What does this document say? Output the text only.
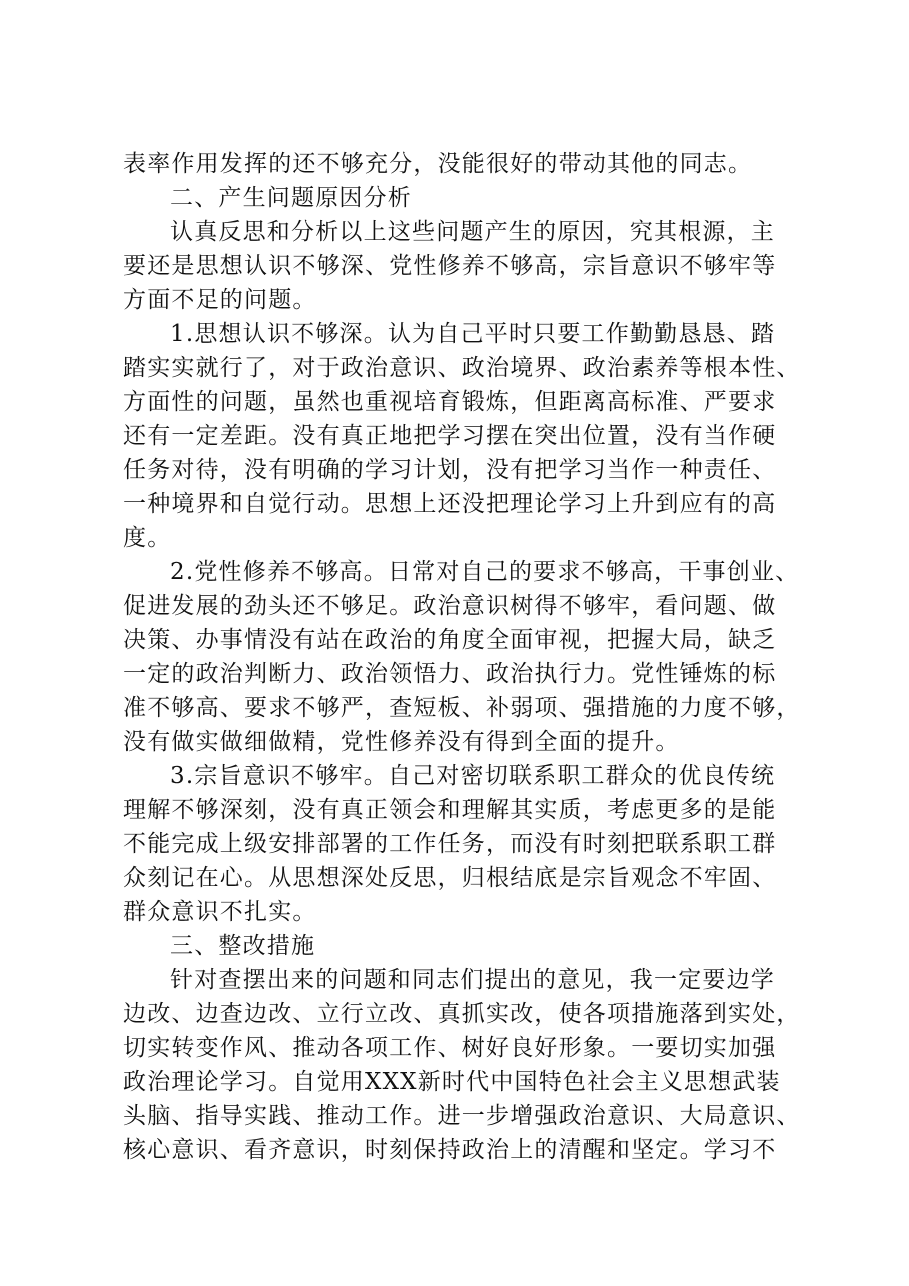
表率作用发挥的还不够充分，没能很好的带动其他的同志。
二、产生问题原因分析
认真反思和分析以上这些问题产生的原因，究其根源，主
要还是思想认识不够深、党性修养不够高，宗旨意识不够牢等
方面不足的问题。
1.思想认识不够深。认为自己平时只要工作勤勤恳恳、踏
踏实实就行了，对于政治意识、政治境界、政治素养等根本性、
方面性的问题，虽然也重视培育锻炼，但距离高标准、严要求
还有一定差距。没有真正地把学习摆在突出位置，没有当作硬
任务对待，没有明确的学习计划，没有把学习当作一种责任、
一种境界和自觉行动。思想上还没把理论学习上升到应有的高
度。
2.党性修养不够高。日常对自己的要求不够高，干事创业、
促进发展的劲头还不够足。政治意识树得不够牢，看问题、做
决策、办事情没有站在政治的角度全面审视，把握大局，缺乏
一定的政治判断力、政治领悟力、政治执行力。党性锤炼的标
准不够高、要求不够严，查短板、补弱项、强措施的力度不够，
没有做实做细做精，党性修养没有得到全面的提升。
3.宗旨意识不够牢。自己对密切联系职工群众的优良传统
理解不够深刻，没有真正领会和理解其实质，考虑更多的是能
不能完成上级安排部署的工作任务，而没有时刻把联系职工群
众刻记在心。从思想深处反思，归根结底是宗旨观念不牢固、
群众意识不扎实。
三、整改措施
针对查摆出来的问题和同志们提出的意见，我一定要边学
边改、边查边改、立行立改、真抓实改，使各项措施落到实处，
切实转变作风、推动各项工作、树好良好形象。一要切实加强
政治理论学习。自觉用XXX新时代中国特色社会主义思想武装
头脑、指导实践、推动工作。进一步增强政治意识、大局意识、
核心意识、看齐意识，时刻保持政治上的清醒和坚定。学习不
